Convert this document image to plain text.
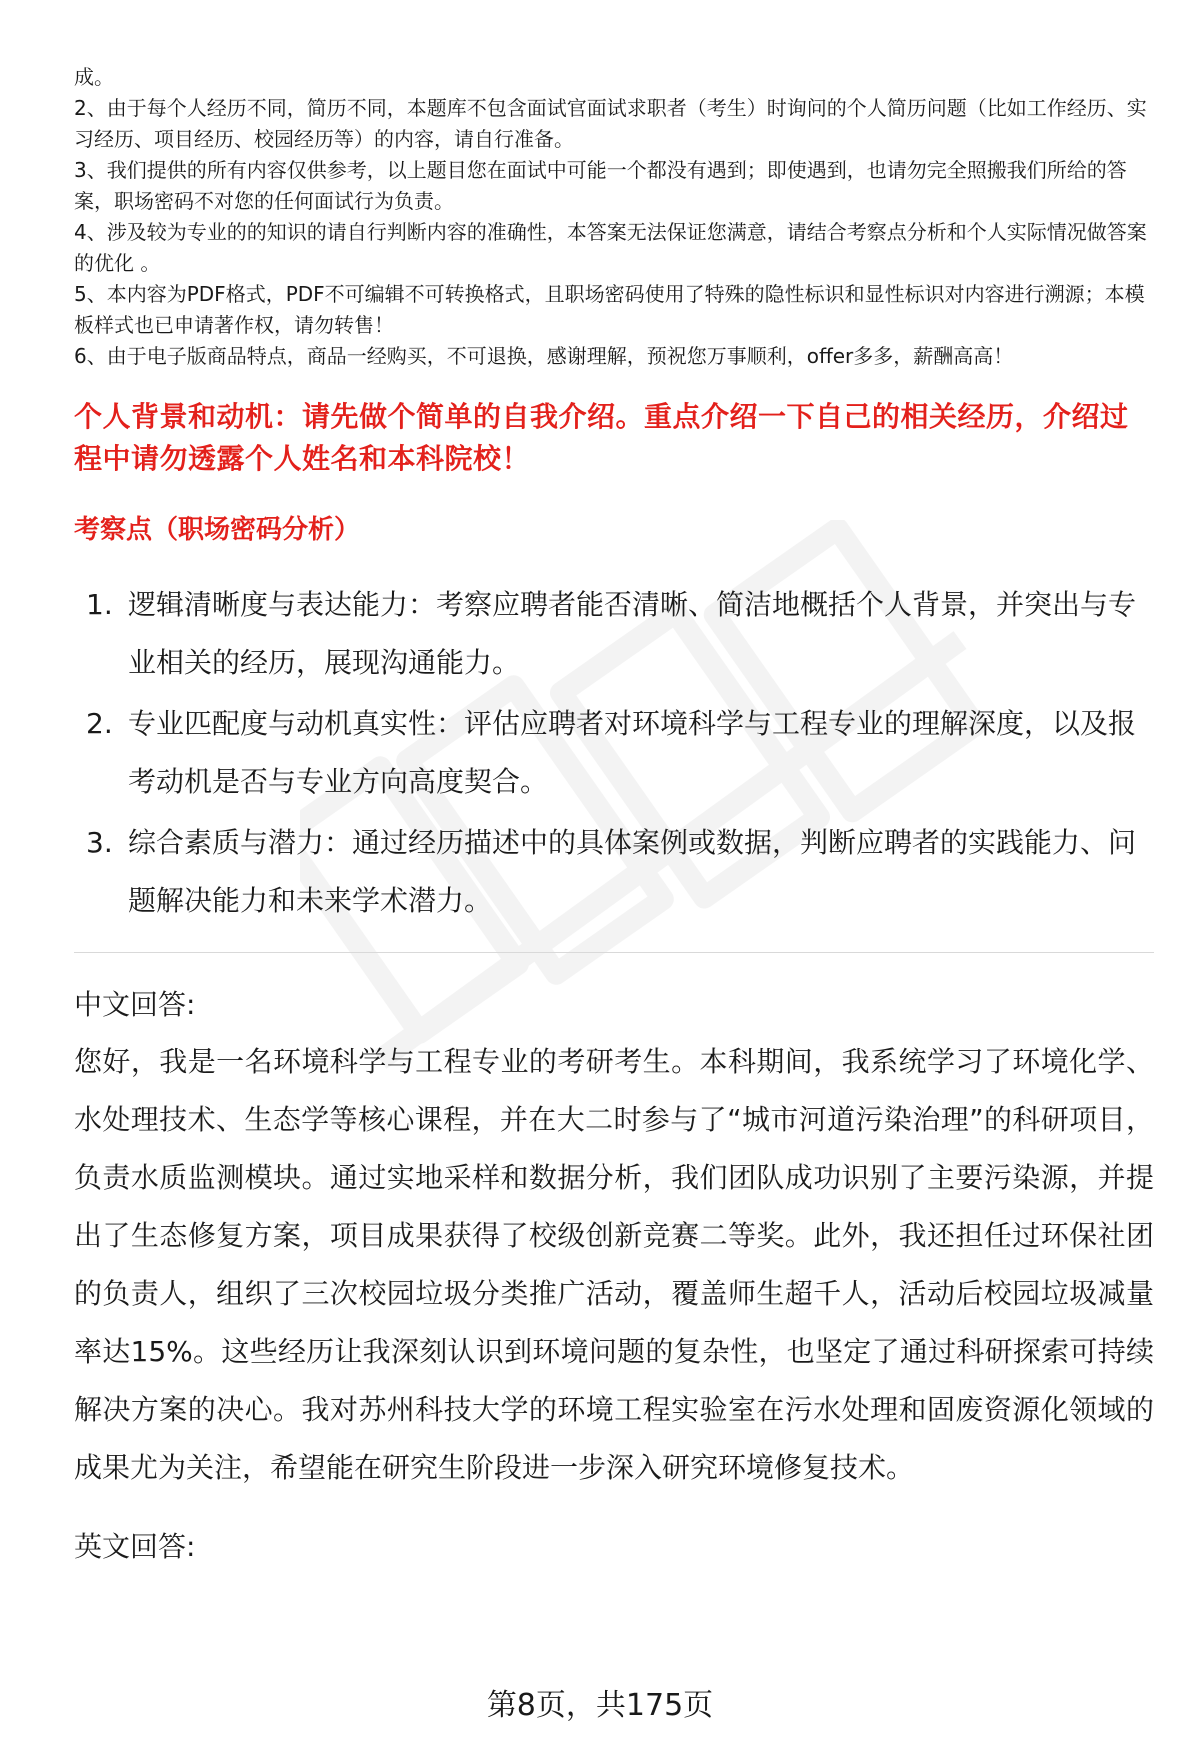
成。

2、由于每个人经历不同，简历不同，本题库不包含面试官面试求职者（考生）时询问的个人简历问题（比如工作经历、实习经历、项目经历、校园经历等）的内容，请自行准备。

3、我们提供的所有内容仅供参考，以上题目您在面试中可能一个都没有遇到；即使遇到，也请勿完全照搬我们所给的答案，职场密码不对您的任何面试行为负责。

4、涉及较为专业的的知识的请自行判断内容的准确性，本答案无法保证您满意，请结合考察点分析和个人实际情况做答案的优化 。

5、本内容为PDF格式，PDF不可编辑不可转换格式，且职场密码使用了特殊的隐性标识和显性标识对内容进行溯源；本模板样式也已申请著作权，请勿转售！

6、由于电子版商品特点，商品一经购买，不可退换，感谢理解，预祝您万事顺利，offer多多，薪酬高高！

个人背景和动机：请先做个简单的自我介绍。重点介绍一下自己的相关经历，介绍过程中请勿透露个人姓名和本科院校！
考察点（职场密码分析）
1. 逻辑清晰度与表达能力：考察应聘者能否清晰、简洁地概括个人背景，并突出与专业相关的经历，展现沟通能力。
2. 专业匹配度与动机真实性：评估应聘者对环境科学与工程专业的理解深度，以及报考动机是否与专业方向高度契合。
3. 综合素质与潜力：通过经历描述中的具体案例或数据，判断应聘者的实践能力、问题解决能力和未来学术潜力。
中文回答:
您好，我是一名环境科学与工程专业的考研考生。本科期间，我系统学习了环境化学、水处理技术、生态学等核心课程，并在大二时参与了“城市河道污染治理”的科研项目，负责水质监测模块。通过实地采样和数据分析，我们团队成功识别了主要污染源，并提出了生态修复方案，项目成果获得了校级创新竞赛二等奖。此外，我还担任过环保社团的负责人，组织了三次校园垃圾分类推广活动，覆盖师生超千人，活动后校园垃圾减量率达15%。这些经历让我深刻认识到环境问题的复杂性，也坚定了通过科研探索可持续解决方案的决心。我对苏州科技大学的环境工程实验室在污水处理和固废资源化领域的成果尤为关注，希望能在研究生阶段进一步深入研究环境修复技术。
英文回答:
第8页，共175页
